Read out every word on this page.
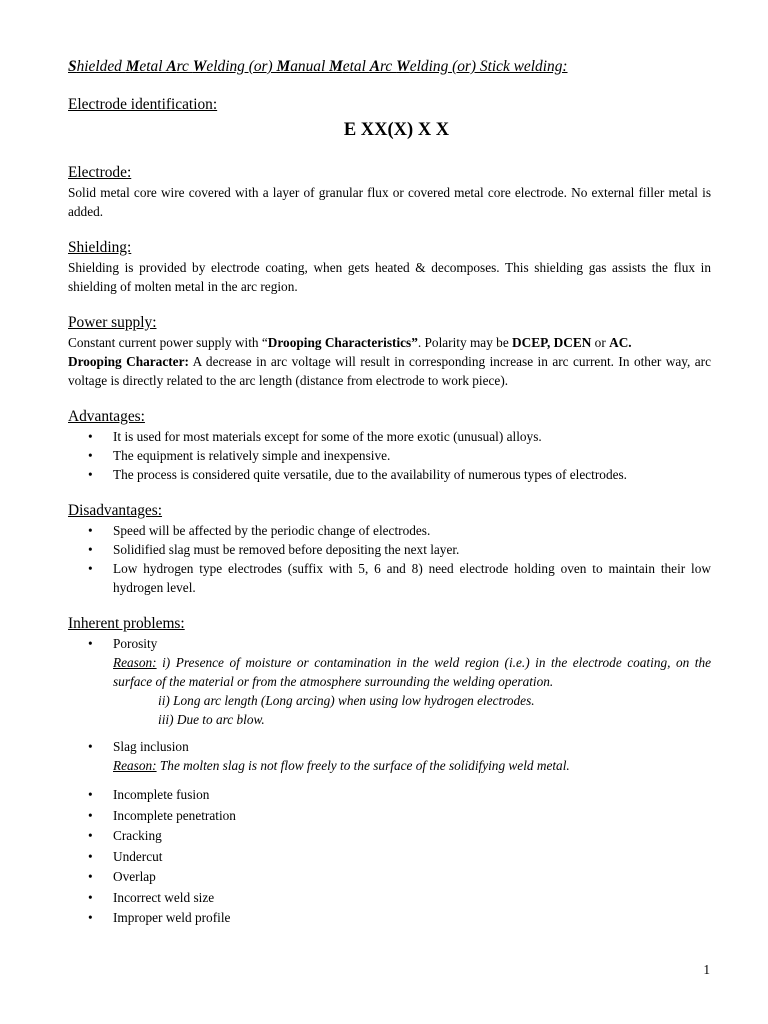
Shielded Metal Arc Welding (or) Manual Metal Arc Welding (or) Stick welding:

Electrode identification:
E XX(X) X X
Electrode:

Solid metal core wire covered with a layer of granular flux or covered metal core electrode. No external filler metal is added.

Shielding:

Shielding is provided by electrode coating, when gets heated & decomposes. This shielding gas assists the flux in shielding of molten metal in the arc region.

Power supply:

Constant current power supply with “Drooping Characteristics”. Polarity may be DCEP, DCEN or AC.
Drooping Character: A decrease in arc voltage will result in corresponding increase in arc current. In other way, arc voltage is directly related to the arc length (distance from electrode to work piece).

Advantages:
• It is used for most materials except for some of the more exotic (unusual) alloys.
• The equipment is relatively simple and inexpensive.
• The process is considered quite versatile, due to the availability of numerous types of electrodes.
Disadvantages:
• Speed will be affected by the periodic change of electrodes.
• Solidified slag must be removed before depositing the next layer.
• Low hydrogen type electrodes (suffix with 5, 6 and 8) need electrode holding oven to maintain their low hydrogen level.
Inherent problems:
• Porosity

Reason: i) Presence of moisture or contamination in the weld region (i.e.) in the electrode coating, on the surface of the material or from the atmosphere surrounding the welding operation.

ii) Long arc length (Long arcing) when using low hydrogen electrodes.
iii) Due to arc blow.
• Slag inclusion

Reason: The molten slag is not flow freely to the surface of the solidifying weld metal.

• Incomplete fusion
• Incomplete penetration
• Cracking
• Undercut
• Overlap
• Incorrect weld size
• Improper weld profile
1
